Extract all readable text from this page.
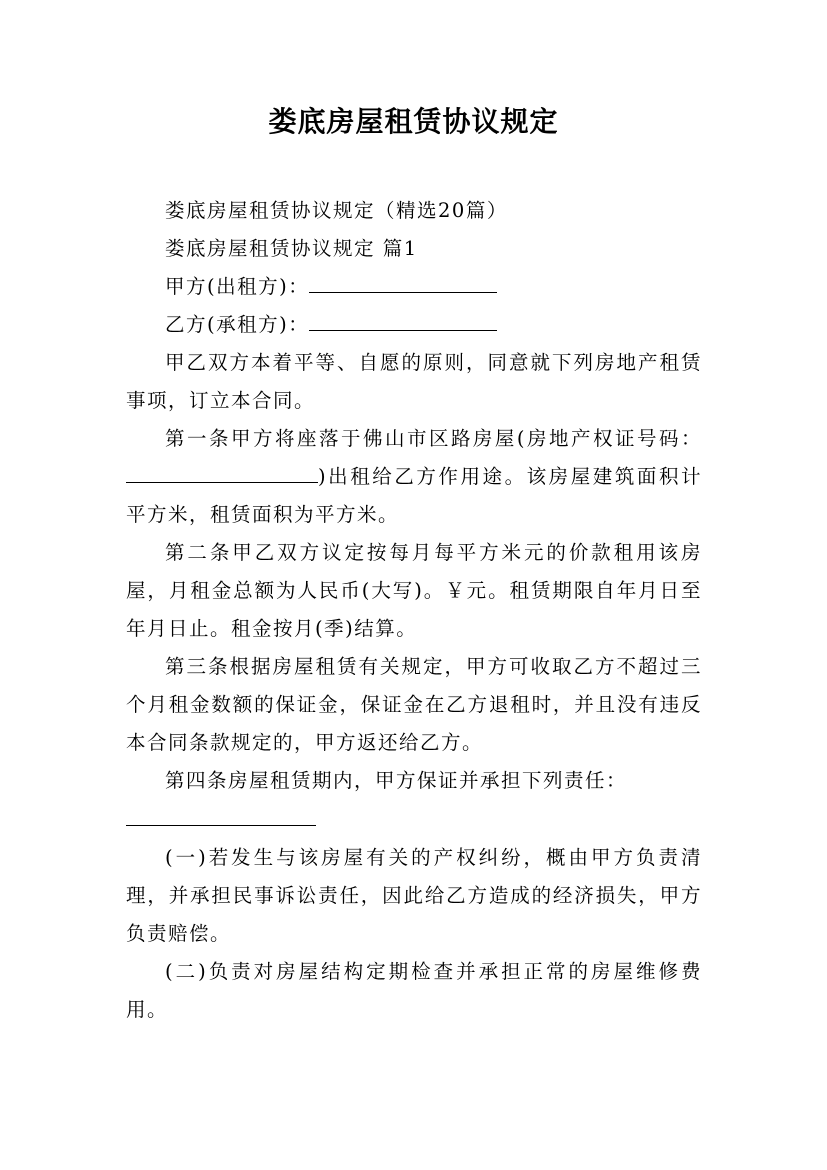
娄底房屋租赁协议规定

娄底房屋租赁协议规定（精选20篇）

娄底房屋租赁协议规定 篇1

甲方(出租方)：

乙方(承租方)：

甲乙双方本着平等、自愿的原则，同意就下列房地产租赁事项，订立本合同。

第一条甲方将座落于佛山市区路房屋(房地产权证号码：)出租给乙方作用途。该房屋建筑面积计平方米，租赁面积为平方米。

第二条甲乙双方议定按每月每平方米元的价款租用该房屋，月租金总额为人民币(大写)。￥元。租赁期限自年月日至年月日止。租金按月(季)结算。

第三条根据房屋租赁有关规定，甲方可收取乙方不超过三个月租金数额的保证金，保证金在乙方退租时，并且没有违反本合同条款规定的，甲方返还给乙方。

第四条房屋租赁期内，甲方保证并承担下列责任：

(一)若发生与该房屋有关的产权纠纷，概由甲方负责清理，并承担民事诉讼责任，因此给乙方造成的经济损失，甲方负责赔偿。

(二)负责对房屋结构定期检查并承担正常的房屋维修费用。
